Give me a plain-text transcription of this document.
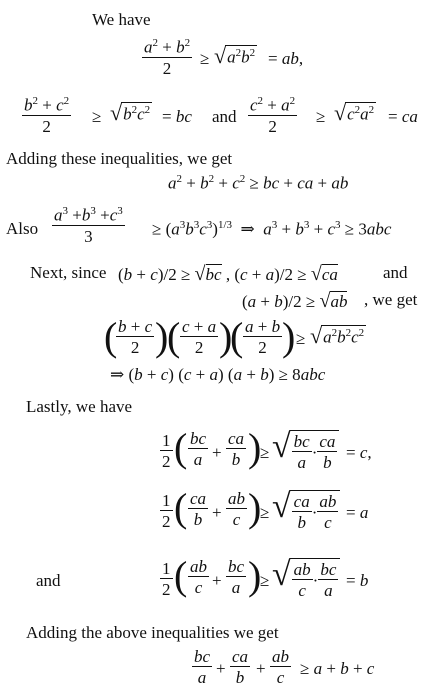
We have
$\frac{a^2 + b^2}{2}$ ≥ √ $a^2b^2$ = ab,
$\frac{b^2 + c^2}{2}$ ≥ √ $b^2c^2$ = bc and $\frac{c^2 + a^2}{2}$ ≥ √ $c^2a^2$ = ca
Adding these inequalities, we get
$a^2 + b^2 + c^2$ ≥ bc + ca + ab
Also $\frac{a^3 +b^3 +c^3}{3} \ge (a^3b^3c^3)^{1/3}$  ⇒  $a^3 + b^3 + c^3 \ge 3abc$
Next, since (b + c)/2 ≥ √bc , (c + a)/2 ≥ √ca	and
(a + b)/2 ≥ √ab , we get
(
$\frac{b + c}{2}$ )
( $\frac{c + a}{2}$ )
( $\frac{a + b}{2}$ ) ≥ √ $a^2b^2c^2$
⇒ (b + c) (c + a) (a + b) ≥ 8abc
Lastly, we have
$\frac{1}{2}$ ( $\frac{bc}{a} + \frac{ca}{b}$ )
≥ √ $\frac{bc}{a} \cdot \frac{ca}{b} = c$,
$\frac{1}{2}$ ( $\frac{ca}{b} + \frac{ab}{c}$ )
≥ √ $\frac{ca}{b} \cdot \frac{ab}{c} = a$
and	$\frac{1}{2}$ ( $\frac{ab}{c} + \frac{bc}{a}$ )
≥ √ $\frac{ab}{c} \cdot \frac{bc}{a} = b$
Adding the above inequalities we get
$\frac{bc}{a} + \frac{ca}{b} + \frac{ab}{c} \ge a + b + c$
